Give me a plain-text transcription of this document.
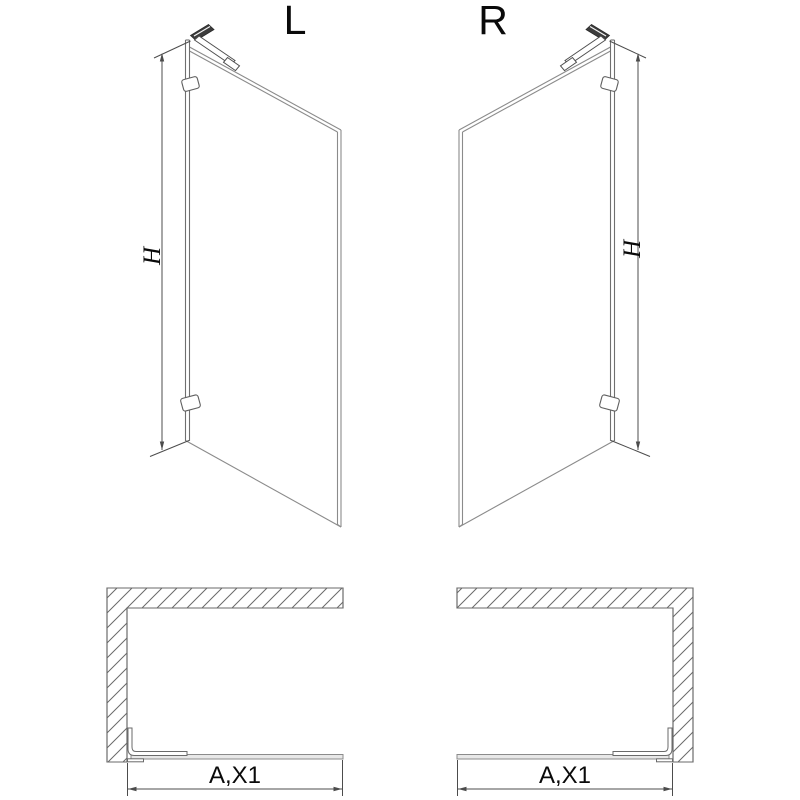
L	R
H	H
A,X1	A,X1
